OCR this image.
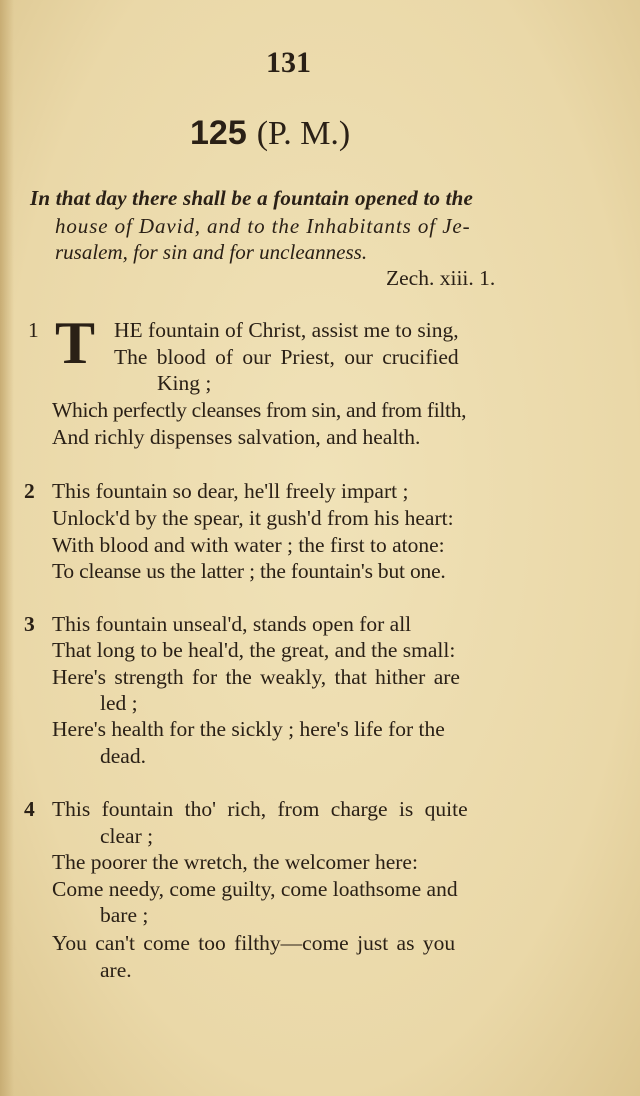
131
125 (P. M.)
In that day there shall be a fountain opened to the
house of David, and to the Inhabitants of Je-
rusalem, for sin and for uncleanness.
Zech. xiii. 1.
1 T HE fountain of Christ, assist me to sing,
The blood of our Priest, our crucified
King ;
Which perfectly cleanses from sin, and from filth,
And richly dispenses salvation, and health.
2 This fountain so dear, he'll freely impart ;
Unlock'd by the spear, it gush'd from his heart:
With blood and with water ; the first to atone:
To cleanse us the latter ; the fountain's but one.
3 This fountain unseal'd, stands open for all
That long to be heal'd, the great, and the small:
Here's strength for the weakly, that hither are
led ;
Here's health for the sickly ; here's life for the
dead.
4 This fountain tho' rich, from charge is quite
clear ;
The poorer the wretch, the welcomer here:
Come needy, come guilty, come loathsome and
bare ;
You can't come too filthy—come just as you
are.
